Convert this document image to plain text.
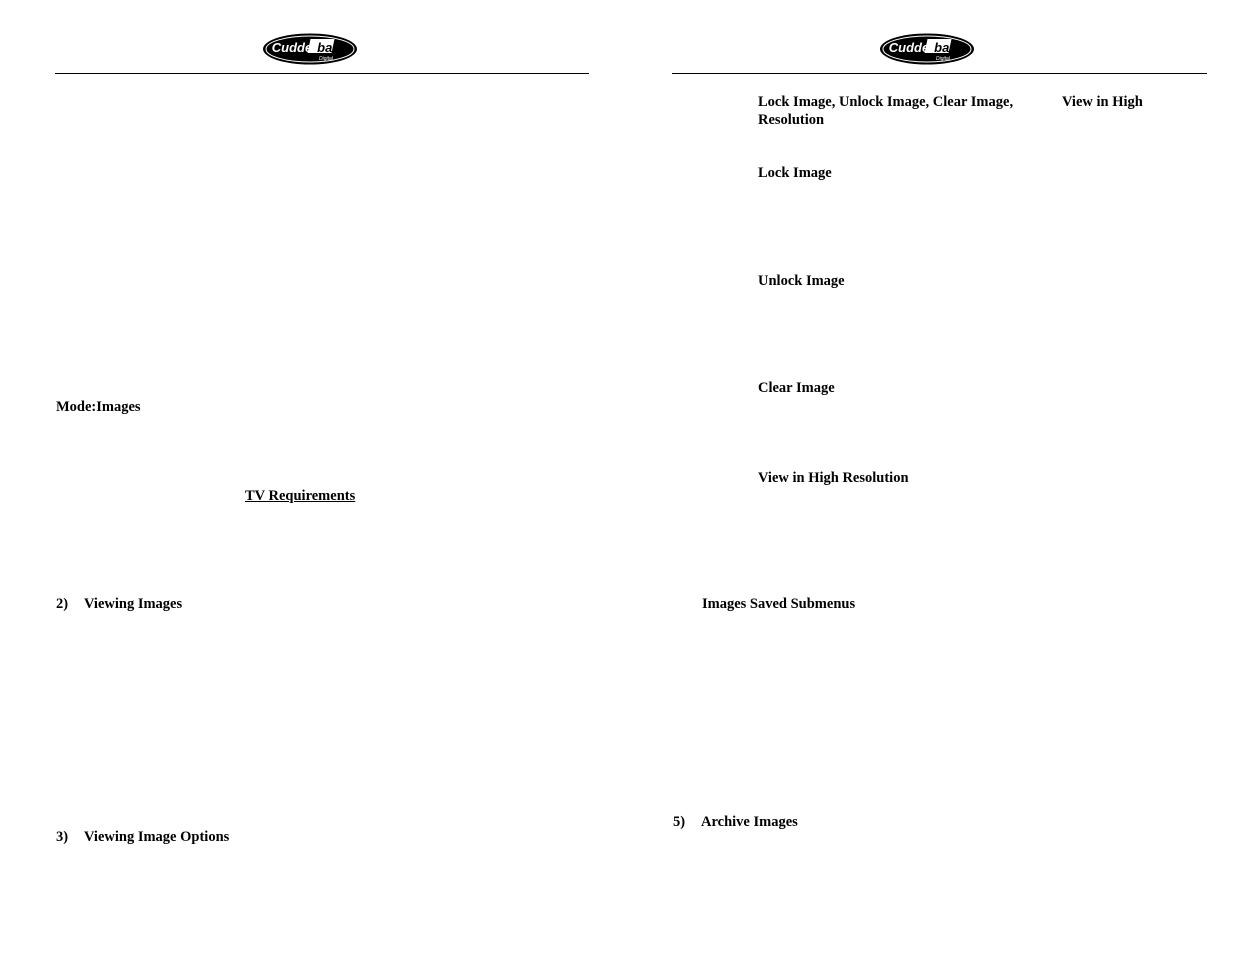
Cudde back
Digital

Mode:Images

TV Requirements

2) Viewing Images

3) Viewing Image Options

Cudde back
Digital

Lock Image, Unlock Image, Clear Image,	View in High

Resolution

Lock Image

Unlock Image

Clear Image

View in High Resolution

Images Saved Submenus

5) Archive Images
